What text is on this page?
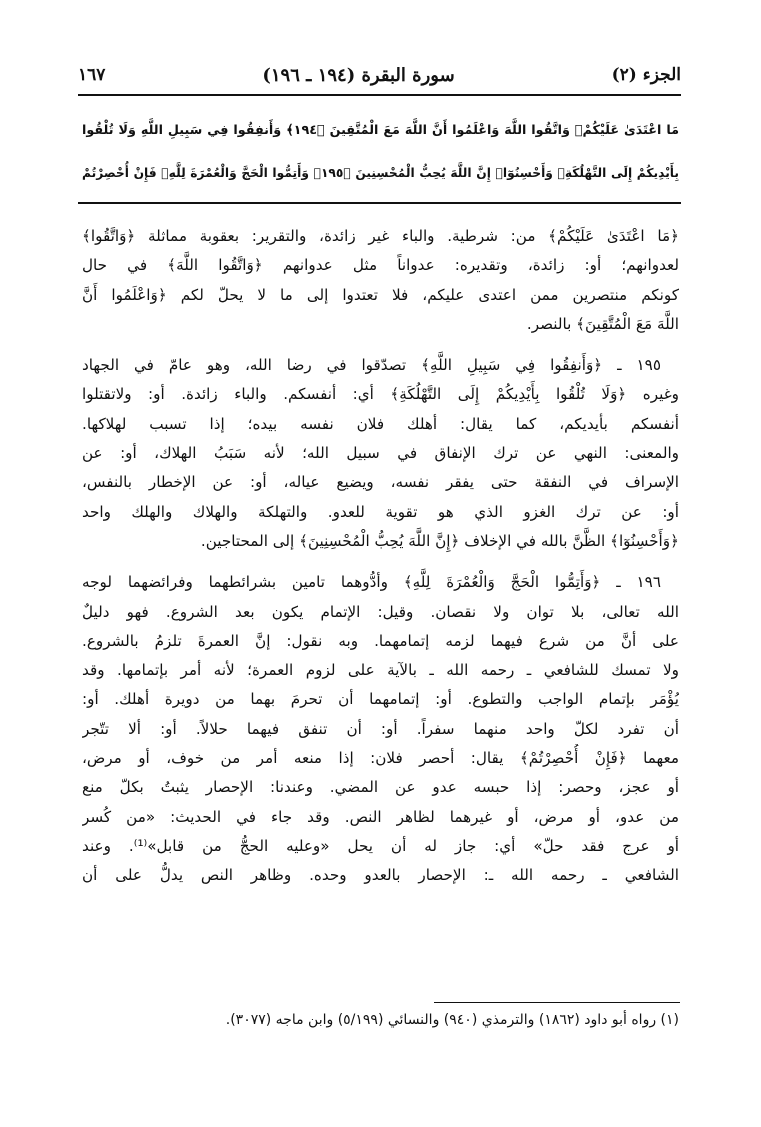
الجزء (٢)
سورة البقرة (١٩٤ ـ ١٩٦)
١٦٧
مَا اعْتَدَىٰ عَلَيْكُمْۚ وَاتَّقُوا اللَّهَ وَاعْلَمُوا أَنَّ اللَّهَ مَعَ الْمُتَّقِينَ ﴿١٩٤﴾ وَأَنفِقُوا فِي سَبِيلِ اللَّهِ وَلَا تُلْقُوا
بِأَيْدِيكُمْ إِلَى التَّهْلُكَةِۛ وَأَحْسِنُوٓاۛ إِنَّ اللَّهَ يُحِبُّ الْمُحْسِنِينَ ﴿١٩٥﴾ وَأَتِمُّوا الْحَجَّ وَالْعُمْرَةَ لِلَّهِۚ فَإِنْ أُحْصِرْتُمْ
﴿مَا اعْتَدَىٰ عَلَيْكُمْ﴾ من: شرطية. والباء غير زائدة، والتقرير: بعقوبة مماثلة ﴿وَاتَّقُوا﴾
لعدوانهم؛ أو: زائدة، وتقديره: عدواناً مثل عدوانهم ﴿وَاتَّقُوا اللَّهَ﴾ في حال
كونكم منتصرين ممن اعتدى عليكم، فلا تعتدوا إلى ما لا يحلّ لكم ﴿وَاعْلَمُوا أَنَّ
اللَّهَ مَعَ الْمُتَّقِينَ﴾ بالنصر.
١٩٥ ـ ﴿وَأَنفِقُوا فِي سَبِيلِ اللَّهِ﴾ تصدّقوا في رضا الله، وهو عامّ في الجهاد
وغيره ﴿وَلَا تُلْقُوا بِأَيْدِيكُمْ إِلَى التَّهْلُكَةِ﴾ أي: أنفسكم. والباء زائدة. أو: ولاتقتلوا
أنفسكم بأيديكم، كما يقال: أهلك فلان نفسه بيده؛ إذا تسبب لهلاكها.
والمعنى: النهي عن ترك الإنفاق في سبيل الله؛ لأنه سَبَبُ الهلاك، أو: عن
الإسراف في النفقة حتى يفقر نفسه، ويضيع عياله، أو: عن الإخطار بالنفس،
أو: عن ترك الغزو الذي هو تقوية للعدو. والتهلكة والهلاك والهلك واحد
﴿وَأَحْسِنُوٓا﴾ الظَّنَّ بالله في الإخلاف ﴿إِنَّ اللَّهَ يُحِبُّ الْمُحْسِنِينَ﴾ إلى المحتاجين.
١٩٦ ـ ﴿وَأَتِمُّوا الْحَجَّ وَالْعُمْرَةَ لِلَّهِ﴾ وأدُّوهما تامين بشرائطهما وفرائضهما لوجه
الله تعالى، بلا توان ولا نقصان. وقيل: الإتمام يكون بعد الشروع. فهو دليلٌ
على أنَّ من شرع فيهما لزمه إتمامهما. وبه نقول: إنَّ العمرةَ تلزمُ بالشروع.
ولا تمسك للشافعي ـ رحمه الله ـ بالآية على لزوم العمرة؛ لأنه أمر بإتمامها. وقد
يُؤْمَر بإتمام الواجب والتطوع. أو: إتمامهما أن تحرمَ بهما من دويرة أهلك. أو:
أن تفرد لكلّ واحد منهما سفراً. أو: أن تنفق فيهما حلالاً. أو: ألا تتّجر
معهما ﴿فَإِنْ أُحْصِرْتُمْ﴾ يقال: أحصر فلان: إذا منعه أمر من خوف، أو مرض،
أو عجز، وحصر: إذا حبسه عدو عن المضي. وعندنا: الإحصار يثبتُ بكلّ منع
من عدو، أو مرض، أو غيرهما لظاهر النص. وقد جاء في الحديث: «من كُسر
أو عرج فقد حلّ» أي: جاز له أن يحل «وعليه الحجُّ من قابل»⁽¹⁾. وعند
الشافعي ـ رحمه الله ـ: الإحصار بالعدو وحده. وظاهر النص يدلُّ على أن
(١) رواه أبو داود (١٨٦٢) والترمذي (٩٤٠) والنسائي (٥/١٩٩) وابن ماجه (٣٠٧٧).
